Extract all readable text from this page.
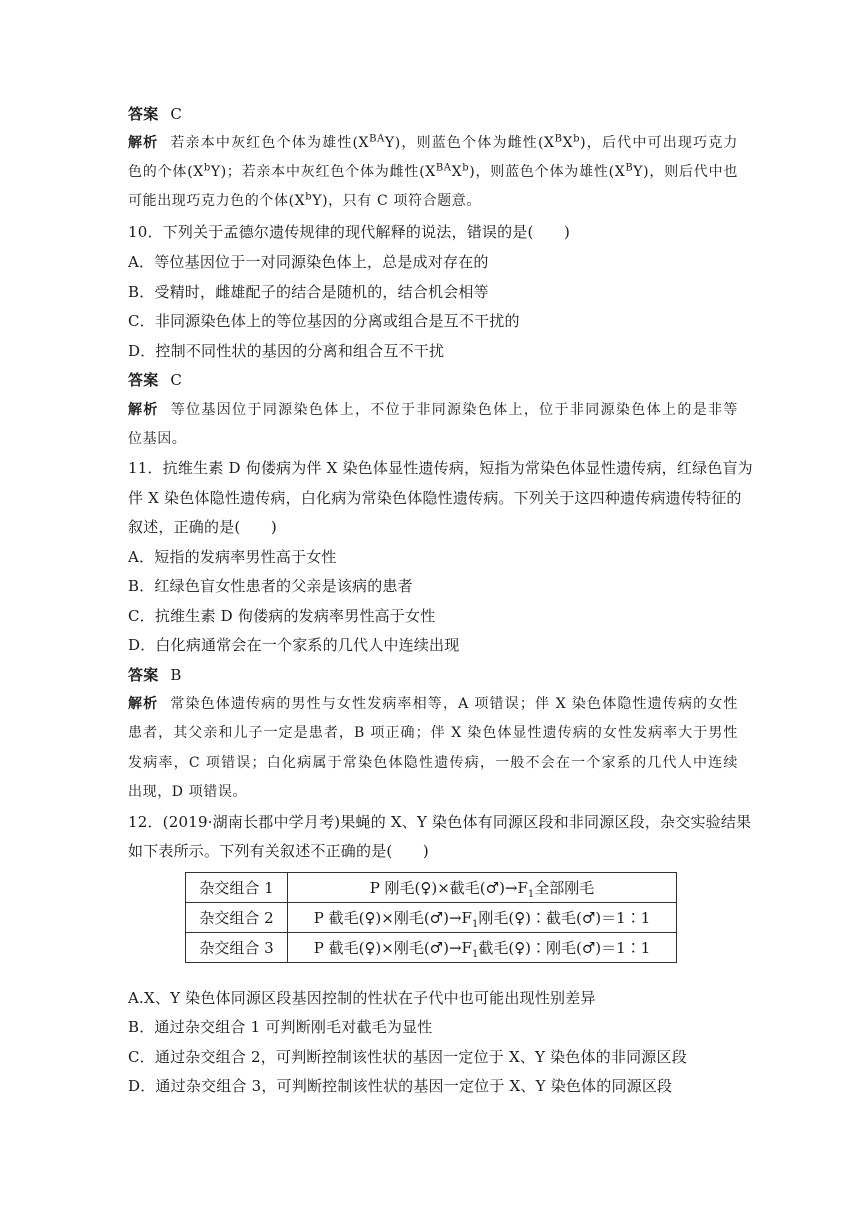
答案 C
解析 若亲本中灰红色个体为雄性$(X^{BA}Y)$，则蓝色个体为雌性$(X^BX^b)$，后代中可出现巧克力
色的个体$(X^bY)$；若亲本中灰红色个体为雌性$(X^{BA}X^b)$，则蓝色个体为雄性$(X^BY)$，则后代中也
可能出现巧克力色的个体$(X^bY)$，只有 C 项符合题意。
10．下列关于孟德尔遗传规律的现代解释的说法，错误的是(　　)
A．等位基因位于一对同源染色体上，总是成对存在的
B．受精时，雌雄配子的结合是随机的，结合机会相等
C．非同源染色体上的等位基因的分离或组合是互不干扰的
D．控制不同性状的基因的分离和组合互不干扰
答案 C
解析 等位基因位于同源染色体上，不位于非同源染色体上，位于非同源染色体上的是非等
位基因。
11．抗维生素 D 佝偻病为伴 X 染色体显性遗传病，短指为常染色体显性遗传病，红绿色盲为
伴 X 染色体隐性遗传病，白化病为常染色体隐性遗传病。下列关于这四种遗传病遗传特征的
叙述，正确的是(　　)
A．短指的发病率男性高于女性
B．红绿色盲女性患者的父亲是该病的患者
C．抗维生素 D 佝偻病的发病率男性高于女性
D．白化病通常会在一个家系的几代人中连续出现
答案 B
解析 常染色体遗传病的男性与女性发病率相等，A 项错误；伴 X 染色体隐性遗传病的女性
患者，其父亲和儿子一定是患者，B 项正确；伴 X 染色体显性遗传病的女性发病率大于男性
发病率，C 项错误；白化病属于常染色体隐性遗传病，一般不会在一个家系的几代人中连续
出现，D 项错误。
12．(2019·湖南长郡中学月考)果蝇的 X、Y 染色体有同源区段和非同源区段，杂交实验结果
如下表所示。下列有关叙述不正确的是(　　)
杂交组合 1	P 刚毛(♀)×截毛$(♂)\to F_1$全部刚毛
杂交组合 2	P 截毛(♀)×刚毛$(♂)\to F_1$刚毛(♀)∶截毛(♂)＝1∶1
杂交组合 3	P 截毛(♀)×刚毛$(♂)\to F_1$截毛(♀)∶刚毛(♂)＝1∶1
A.X、Y 染色体同源区段基因控制的性状在子代中也可能出现性别差异
B．通过杂交组合 1 可判断刚毛对截毛为显性
C．通过杂交组合 2，可判断控制该性状的基因一定位于 X、Y 染色体的非同源区段
D．通过杂交组合 3，可判断控制该性状的基因一定位于 X、Y 染色体的同源区段
